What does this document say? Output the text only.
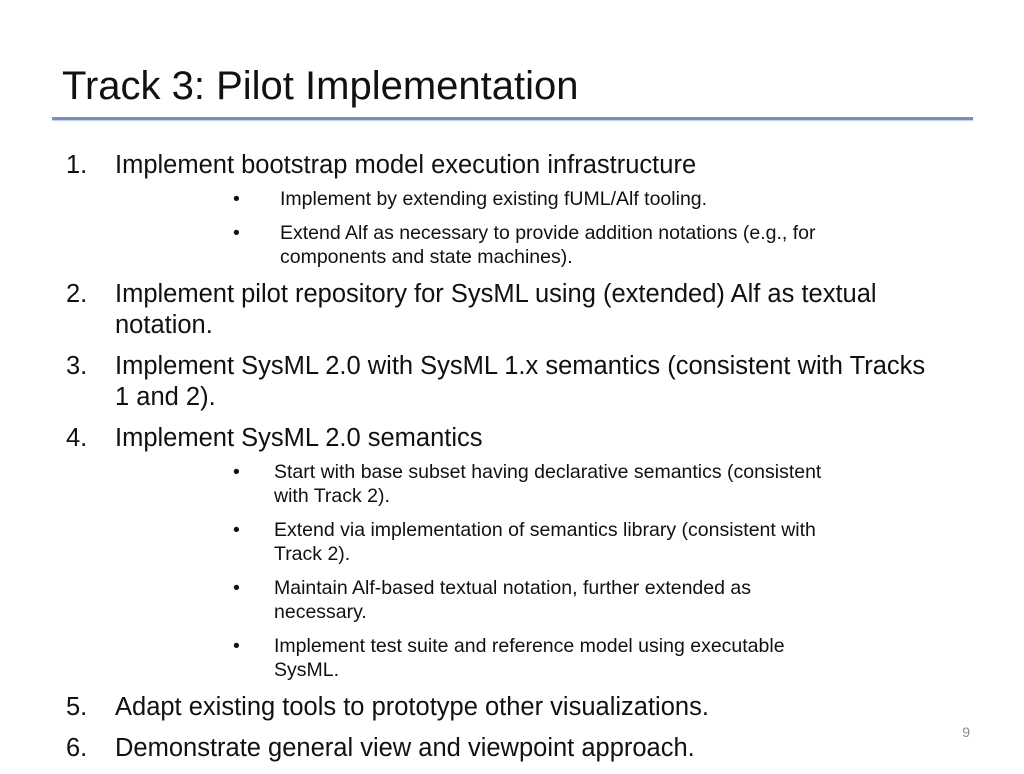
Track 3: Pilot Implementation
1. Implement bootstrap model execution infrastructure
• Implement by extending existing fUML/Alf tooling.
• Extend Alf as necessary to provide addition notations (e.g., for components and state machines).
2. Implement pilot repository for SysML using (extended) Alf as textual notation.
3. Implement SysML 2.0 with SysML 1.x semantics (consistent with Tracks 1 and 2).
4. Implement SysML 2.0 semantics
• Start with base subset having declarative semantics (consistent with Track 2).
• Extend via implementation of semantics library (consistent with Track 2).
• Maintain Alf-based textual notation, further extended as necessary.
• Implement test suite and reference model using executable SysML.
5. Adapt existing tools to prototype other visualizations.
6. Demonstrate general view and viewpoint approach.
9
